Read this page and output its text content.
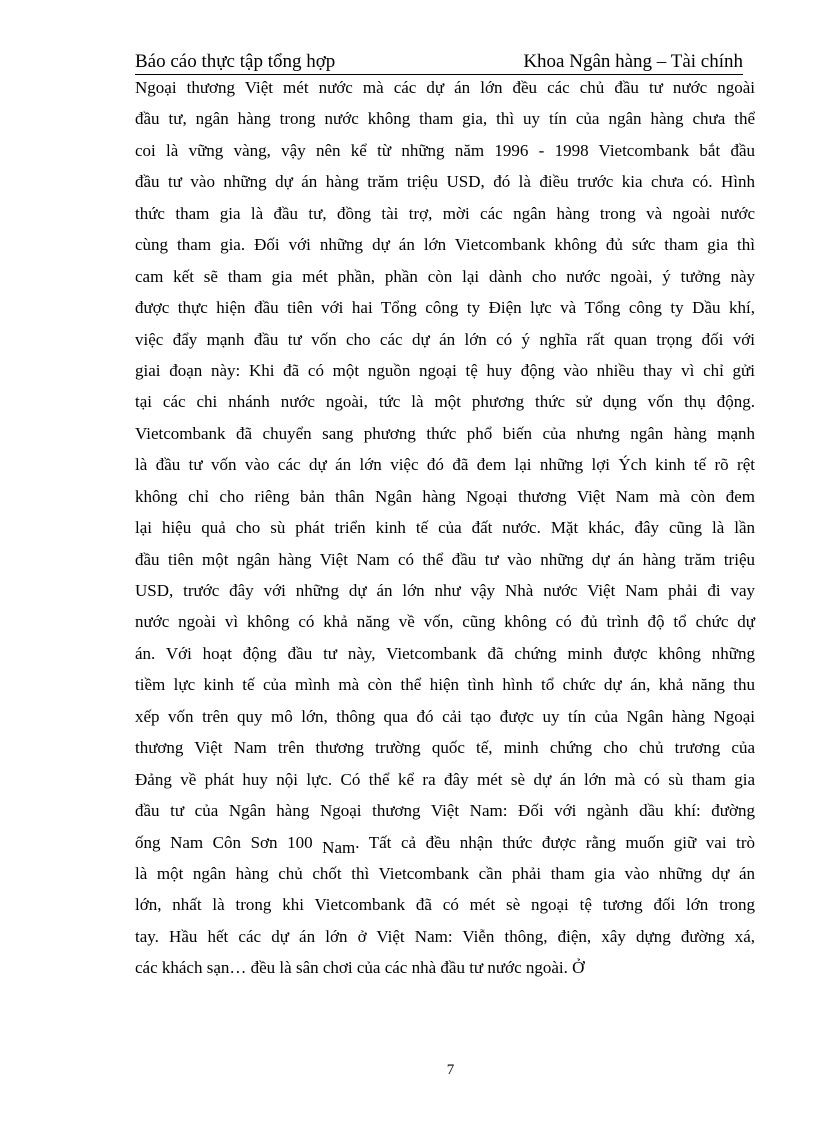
Báo cáo thực tập tổng hợp	Khoa Ngân hàng – Tài chính
Ngoại thương Việt mét nước mà các dự án lớn đều các chủ đầu tư nước ngoài
đầu tư, ngân hàng trong nước không tham gia, thì uy tín của ngân hàng chưa thể
coi là vững vàng, vậy nên kể từ những năm 1996 - 1998 Vietcombank bắt đầu
đầu tư vào những dự án hàng trăm triệu USD, đó là điều trước kia chưa có. Hình
thức tham gia là đầu tư, đồng tài trợ, mời các ngân hàng trong và ngoài nước
cùng tham gia. Đối với những dự án lớn Vietcombank không đủ sức tham gia thì
cam kết sẽ tham gia mét phần, phần còn lại dành cho nước ngoài, ý tưởng này
được thực hiện đầu tiên với hai Tổng công ty Điện lực và Tổng công ty Dầu khí,
việc đẩy mạnh đầu tư vốn cho các dự án lớn có ý nghĩa rất quan trọng đối với
giai đoạn này: Khi đã có một nguồn ngoại tệ huy động vào nhiều thay vì chỉ gửi
tại các chi nhánh nước ngoài, tức là một phương thức sử dụng vốn thụ động.
Vietcombank đã chuyển sang phương thức phổ biến của nhưng ngân hàng mạnh
là đầu tư vốn vào các dự án lớn việc đó đã đem lại những lợi Ých kinh tế rõ rệt
không chỉ cho riêng bản thân Ngân hàng Ngoại thương Việt Nam mà còn đem
lại hiệu quả cho sù phát triển kinh tế của đất nước. Mặt khác, đây cũng là lần
đầu tiên một ngân hàng Việt Nam có thể đầu tư vào những dự án hàng trăm triệu
USD, trước đây với những dự án lớn như vậy Nhà nước Việt Nam phải đi vay
nước ngoài vì không có khả năng về vốn, cũng không có đủ trình độ tổ chức dự
án. Với hoạt động đầu tư này, Vietcombank đã chứng minh được không những
tiềm lực kinh tế của mình mà còn thể hiện tình hình tổ chức dự án, khả năng thu
xếp vốn trên quy mô lớn, thông qua đó cải tạo được uy tín của Ngân hàng Ngoại
thương Việt Nam trên thương trường quốc tế, minh chứng cho chủ trương của
Đảng về phát huy nội lực. Có thể kể ra đây mét sè dự án lớn mà có sù tham gia
đầu tư của Ngân hàng Ngoại thương Việt Nam: Đối với ngành dầu khí: đường
ống Nam Côn Sơn 100 Nam. Tất cả đều nhận thức được rằng muốn giữ vai trò
là một ngân hàng chủ chốt thì Vietcombank cần phải tham gia vào những dự án
lớn, nhất là trong khi Vietcombank đã có mét sè ngoại tệ tương đối lớn trong
tay. Hầu hết các dự án lớn ở Việt Nam: Viễn thông, điện, xây dựng đường xá,
các khách sạn… đều là sân chơi của các nhà đầu tư nước ngoài. Ở
7
